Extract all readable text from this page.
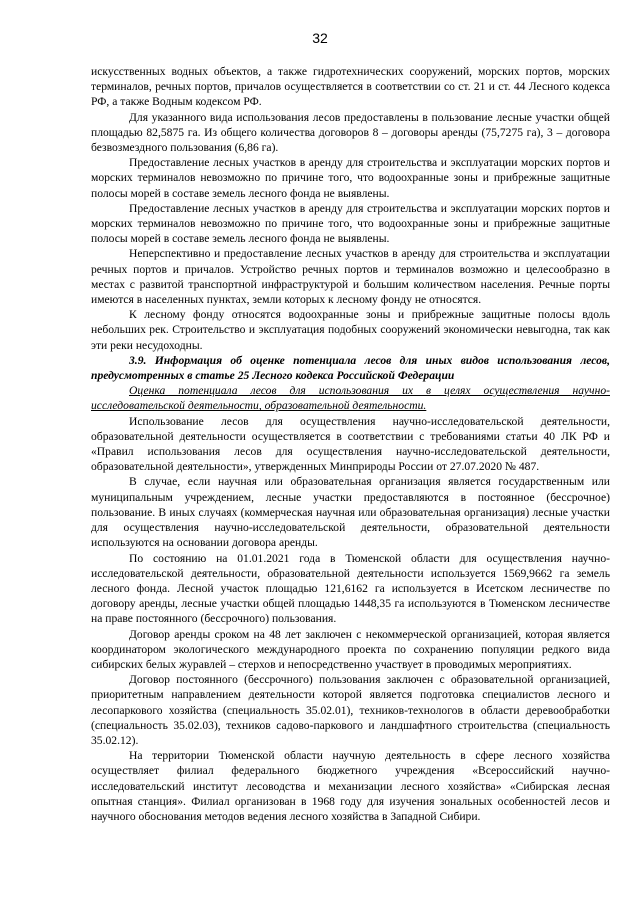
32

искусственных водных объектов, а также гидротехнических сооружений, морских портов, морских терминалов, речных портов, причалов осуществляется в соответствии со ст. 21 и ст. 44 Лесного кодекса РФ, а также Водным кодексом РФ.

Для указанного вида использования лесов предоставлены в пользование лесные участки общей площадью 82,5875 га. Из общего количества договоров 8 – договоры аренды (75,7275 га), 3 – договора безвозмездного пользования (6,86 га).

Предоставление лесных участков в аренду для строительства и эксплуатации морских портов и морских терминалов невозможно по причине того, что водоохранные зоны и прибрежные защитные полосы морей в составе земель лесного фонда не выявлены.

Предоставление лесных участков в аренду для строительства и эксплуатации морских портов и морских терминалов невозможно по причине того, что водоохранные зоны и прибрежные защитные полосы морей в составе земель лесного фонда не выявлены.

Неперспективно и предоставление лесных участков в аренду для строительства и эксплуатации речных портов и причалов. Устройство речных портов и терминалов возможно и целесообразно в местах с развитой транспортной инфраструктурой и большим количеством населения. Речные порты имеются в населенных пунктах, земли которых к лесному фонду не относятся.

К лесному фонду относятся водоохранные зоны и прибрежные защитные полосы вдоль небольших рек. Строительство и эксплуатация подобных сооружений экономически невыгодна, так как эти реки несудоходны.

3.9. Информация об оценке потенциала лесов для иных видов использования лесов, предусмотренных в статье 25 Лесного кодекса Российской Федерации

Оценка потенциала лесов для использования их в целях осуществления научно-исследовательской деятельности, образовательной деятельности.

Использование лесов для осуществления научно-исследовательской деятельности, образовательной деятельности осуществляется в соответствии с требованиями статьи 40 ЛК РФ и «Правил использования лесов для осуществления научно-исследовательской деятельности, образовательной деятельности», утвержденных Минприроды России от 27.07.2020 № 487.

В случае, если научная или образовательная организация является государственным или муниципальным учреждением, лесные участки предоставляются в постоянное (бессрочное) пользование. В иных случаях (коммерческая научная или образовательная организация) лесные участки для осуществления научно-исследовательской деятельности, образовательной деятельности используются на основании договора аренды.

По состоянию на 01.01.2021 года в Тюменской области для осуществления научно-исследовательской деятельности, образовательной деятельности используется 1569,9662 га земель лесного фонда. Лесной участок площадью 121,6162 га используется в Исетском лесничестве по договору аренды, лесные участки общей площадью 1448,35 га используются в Тюменском лесничестве на праве постоянного (бессрочного) пользования.

Договор аренды сроком на 48 лет заключен с некоммерческой организацией, которая является координатором экологического международного проекта по сохранению популяции редкого вида сибирских белых журавлей – стерхов и непосредственно участвует в проводимых мероприятиях.

Договор постоянного (бессрочного) пользования заключен с образовательной организацией, приоритетным направлением деятельности которой является подготовка специалистов лесного и лесопаркового хозяйства (специальность 35.02.01), техников-технологов в области деревообработки (специальность 35.02.03), техников садово-паркового и ландшафтного строительства (специальность 35.02.12).

На территории Тюменской области научную деятельность в сфере лесного хозяйства осуществляет филиал федерального бюджетного учреждения «Всероссийский научно-исследовательский институт лесоводства и механизации лесного хозяйства» «Сибирская лесная опытная станция». Филиал организован в 1968 году для изучения зональных особенностей лесов и научного обоснования методов ведения лесного хозяйства в Западной Сибири.
